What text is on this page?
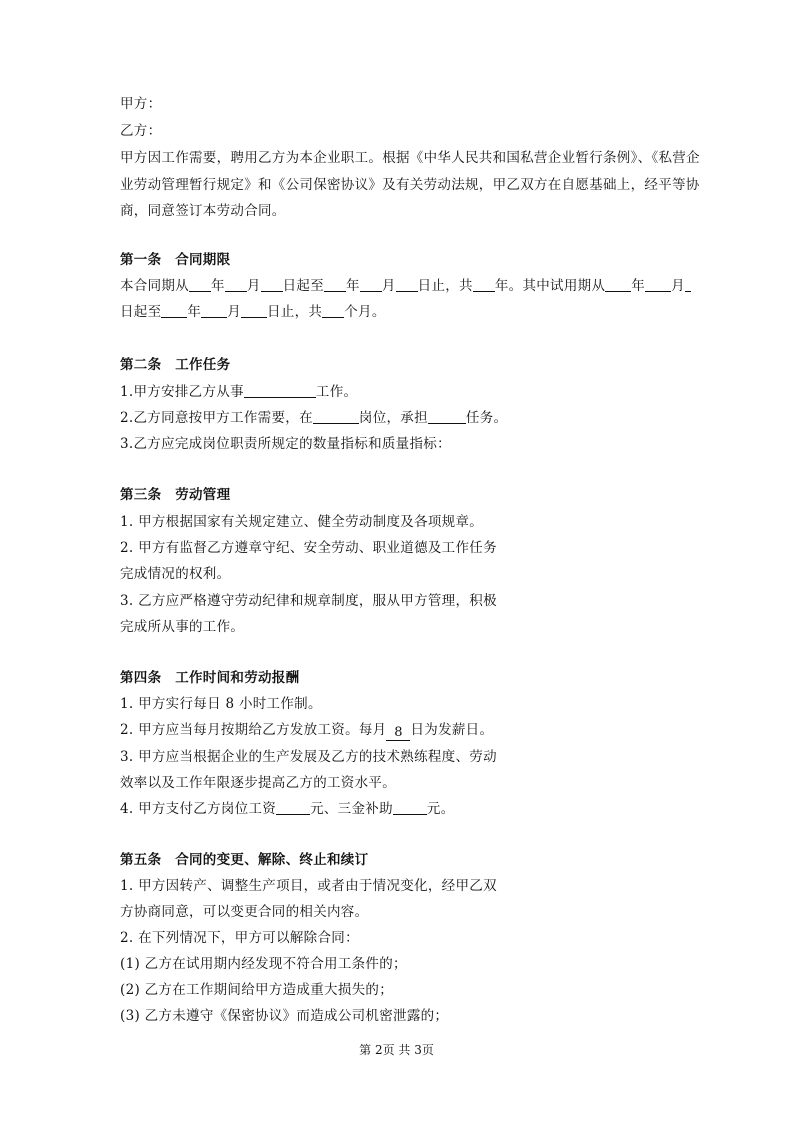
甲方：
乙方：
甲方因工作需要，聘用乙方为本企业职工。根据《中华人民共和国私营企业暂行条例》、《私营企
业劳动管理暂行规定》和《公司保密协议》及有关劳动法规，甲乙双方在自愿基础上，经平等协
商，同意签订本劳动合同。
第一条　合同期限
本合同期从 年 月 日起至 年 月 日止，共 年。其中试用期从 年 月
日起至 年 月 日止，共 个月。
第二条　工作任务
1.甲方安排乙方从事	工作。
2.乙方同意按甲方工作需要，在	岗位，承担	任务。
3.乙方应完成岗位职责所规定的数量指标和质量指标：
第三条　劳动管理
1. 甲方根据国家有关规定建立、健全劳动制度及各项规章。
2. 甲方有监督乙方遵章守纪、安全劳动、职业道德及工作任务
完成情况的权利。
3. 乙方应严格遵守劳动纪律和规章制度，服从甲方管理，积极
完成所从事的工作。
第四条　工作时间和劳动报酬
1. 甲方实行每日 8 小时工作制。
2. 甲方应当每月按期给乙方发放工资。每月 8 日为发薪日。
3. 甲方应当根据企业的生产发展及乙方的技术熟练程度、劳动
效率以及工作年限逐步提高乙方的工资水平。
4. 甲方支付乙方岗位工资	元、三金补助	元。
第五条　合同的变更、解除、终止和续订
1. 甲方因转产、调整生产项目，或者由于情况变化，经甲乙双
方协商同意，可以变更合同的相关内容。
2. 在下列情况下，甲方可以解除合同：
(1) 乙方在试用期内经发现不符合用工条件的；
(2) 乙方在工作期间给甲方造成重大损失的；
(3) 乙方未遵守《保密协议》而造成公司机密泄露的；
第 2页 共 3页
